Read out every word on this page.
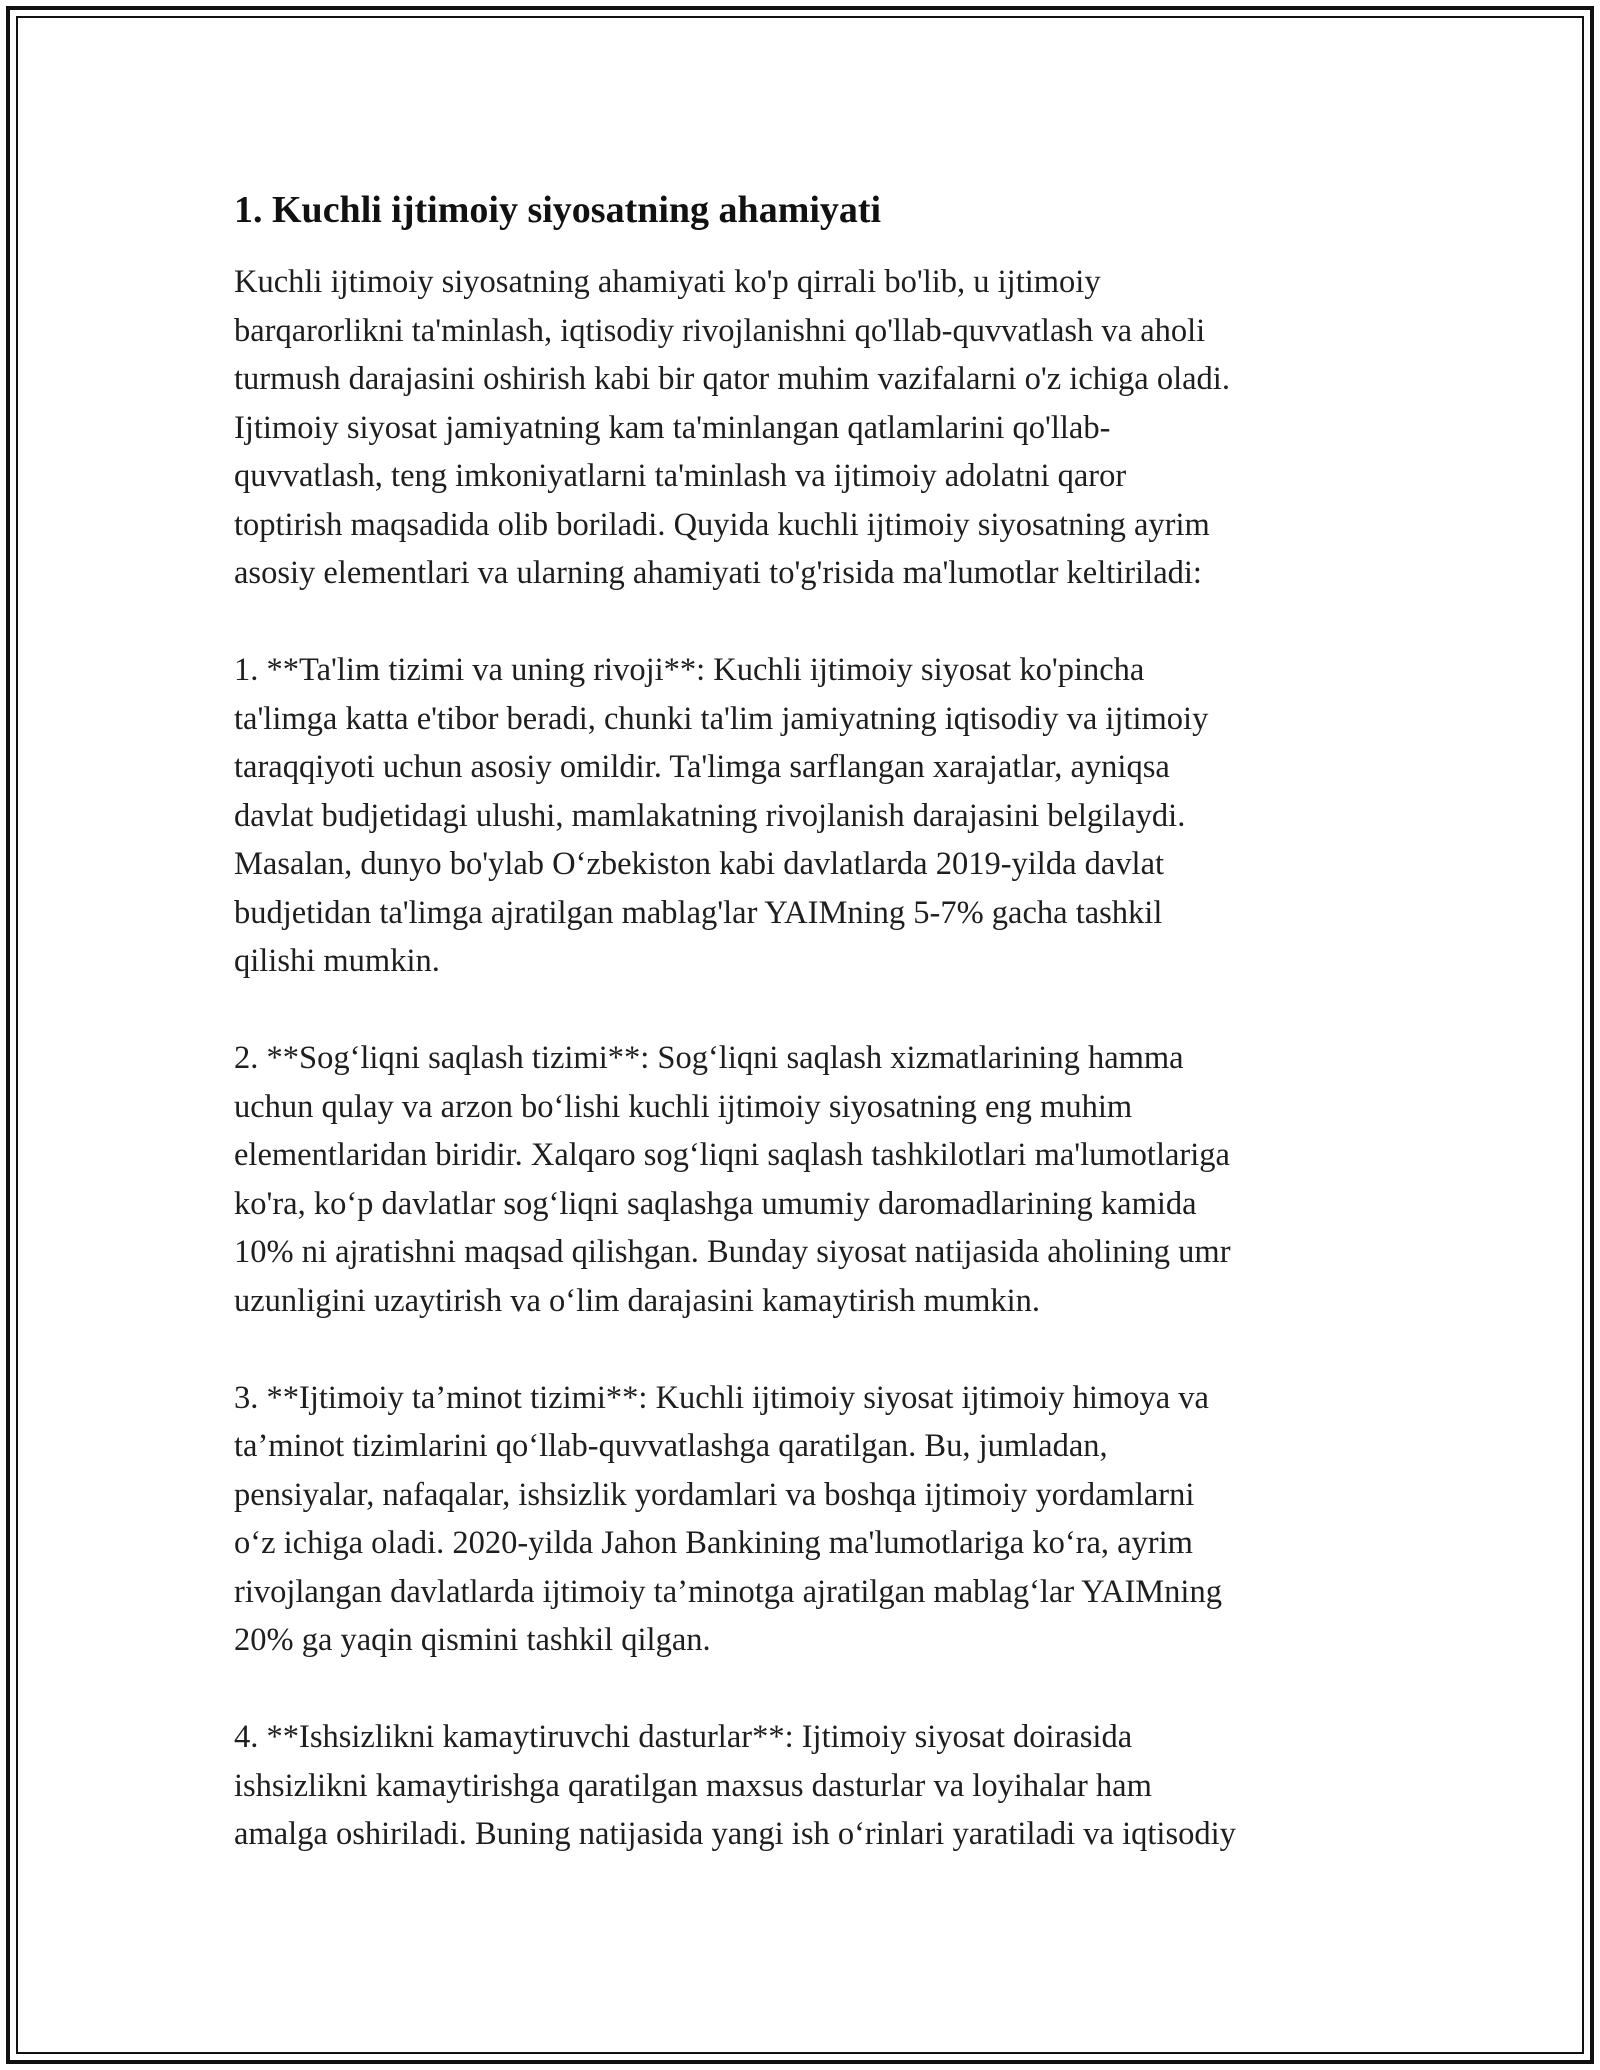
1. Kuchli ijtimoiy siyosatning ahamiyati
Kuchli ijtimoiy siyosatning ahamiyati ko'p qirrali bo'lib, u ijtimoiy
barqarorlikni ta'minlash, iqtisodiy rivojlanishni qo'llab-quvvatlash va aholi
turmush darajasini oshirish kabi bir qator muhim vazifalarni o'z ichiga oladi.
Ijtimoiy siyosat jamiyatning kam ta'minlangan qatlamlarini qo'llab-
quvvatlash, teng imkoniyatlarni ta'minlash va ijtimoiy adolatni qaror
toptirish maqsadida olib boriladi. Quyida kuchli ijtimoiy siyosatning ayrim
asosiy elementlari va ularning ahamiyati to'g'risida ma'lumotlar keltiriladi:
1. **Ta'lim tizimi va uning rivoji**: Kuchli ijtimoiy siyosat ko'pincha
ta'limga katta e'tibor beradi, chunki ta'lim jamiyatning iqtisodiy va ijtimoiy
taraqqiyoti uchun asosiy omildir. Ta'limga sarflangan xarajatlar, ayniqsa
davlat budjetidagi ulushi, mamlakatning rivojlanish darajasini belgilaydi.
Masalan, dunyo bo'ylab O‘zbekiston kabi davlatlarda 2019-yilda davlat
budjetidan ta'limga ajratilgan mablag'lar YAIMning 5-7% gacha tashkil
qilishi mumkin.
2. **Sog‘liqni saqlash tizimi**: Sog‘liqni saqlash xizmatlarining hamma
uchun qulay va arzon bo‘lishi kuchli ijtimoiy siyosatning eng muhim
elementlaridan biridir. Xalqaro sog‘liqni saqlash tashkilotlari ma'lumotlariga
ko'ra, ko‘p davlatlar sog‘liqni saqlashga umumiy daromadlarining kamida
10% ni ajratishni maqsad qilishgan. Bunday siyosat natijasida aholining umr
uzunligini uzaytirish va o‘lim darajasini kamaytirish mumkin.
3. **Ijtimoiy ta’minot tizimi**: Kuchli ijtimoiy siyosat ijtimoiy himoya va
ta’minot tizimlarini qo‘llab-quvvatlashga qaratilgan. Bu, jumladan,
pensiyalar, nafaqalar, ishsizlik yordamlari va boshqa ijtimoiy yordamlarni
o‘z ichiga oladi. 2020-yilda Jahon Bankining ma'lumotlariga ko‘ra, ayrim
rivojlangan davlatlarda ijtimoiy ta’minotga ajratilgan mablag‘lar YAIMning
20% ga yaqin qismini tashkil qilgan.
4. **Ishsizlikni kamaytiruvchi dasturlar**: Ijtimoiy siyosat doirasida
ishsizlikni kamaytirishga qaratilgan maxsus dasturlar va loyihalar ham
amalga oshiriladi. Buning natijasida yangi ish o‘rinlari yaratiladi va iqtisodiy
